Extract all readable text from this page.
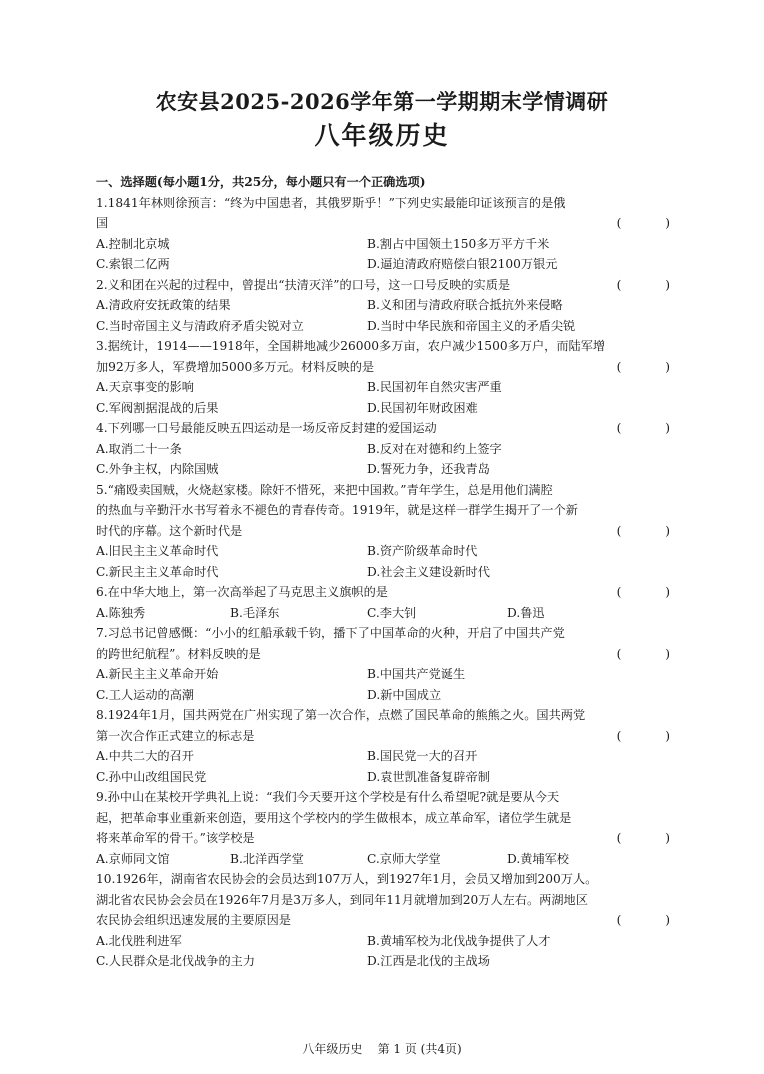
农安县2025-2026学年第一学期期末学情调研
八年级历史
一、选择题(每小题1分，共25分，每小题只有一个正确选项)
1.1841年林则徐预言：“终为中国患者，其俄罗斯乎！”下列史实最能印证该预言的是俄
国	( )
A.控制北京城	B.割占中国领土150多万平方千米
C.索银二亿两	D.逼迫清政府赔偿白银2100万银元
2.义和团在兴起的过程中，曾提出“扶清灭洋”的口号，这一口号反映的实质是	( )
A.清政府安抚政策的结果	B.义和团与清政府联合抵抗外来侵略
C.当时帝国主义与清政府矛盾尖锐对立	D.当时中华民族和帝国主义的矛盾尖锐
3.据统计，1914——1918年，全国耕地减少26000多万亩，农户减少1500多万户，而陆军增
加92万多人，军费增加5000多万元。材料反映的是	( )
A.天京事变的影响	B.民国初年自然灾害严重
C.军阀割据混战的后果	D.民国初年财政困难
4.下列哪一口号最能反映五四运动是一场反帝反封建的爱国运动	( )
A.取消二十一条	B.反对在对德和约上签字
C.外争主权，内除国贼	D.誓死力争，还我青岛
5.“痛殴卖国贼，火烧赵家楼。除奸不惜死，来把中国救。”青年学生，总是用他们满腔
的热血与辛勤汗水书写着永不褪色的青春传奇。1919年，就是这样一群学生揭开了一个新
时代的序幕。这个新时代是	( )
A.旧民主主义革命时代	B.资产阶级革命时代
C.新民主主义革命时代	D.社会主义建设新时代
6.在中华大地上，第一次高举起了马克思主义旗帜的是	( )
A.陈独秀	B.毛泽东	C.李大钊	D.鲁迅
7.习总书记曾感慨：“小小的红船承载千钧，播下了中国革命的火种，开启了中国共产党
的跨世纪航程”。材料反映的是	( )
A.新民主主义革命开始	B.中国共产党诞生
C.工人运动的高潮	D.新中国成立
8.1924年1月，国共两党在广州实现了第一次合作，点燃了国民革命的熊熊之火。国共两党
第一次合作正式建立的标志是	( )
A.中共二大的召开	B.国民党一大的召开
C.孙中山改组国民党	D.袁世凯准备复辟帝制
9.孙中山在某校开学典礼上说：“我们今天要开这个学校是有什么希望呢?就是要从今天
起，把革命事业重新来创造，要用这个学校内的学生做根本，成立革命军，诸位学生就是
将来革命军的骨干。”该学校是	( )
A.京师同文馆	B.北洋西学堂	C.京师大学堂	D.黄埔军校
10.1926年，湖南省农民协会的会员达到107万人，到1927年1月，会员又增加到200万人。
湖北省农民协会会员在1926年7月是3万多人，到同年11月就增加到20万人左右。两湖地区
农民协会组织迅速发展的主要原因是	( )
A.北伐胜利进军	B.黄埔军校为北伐战争提供了人才
C.人民群众是北伐战争的主力	D.江西是北伐的主战场
八年级历史    第 1 页 (共4页)
